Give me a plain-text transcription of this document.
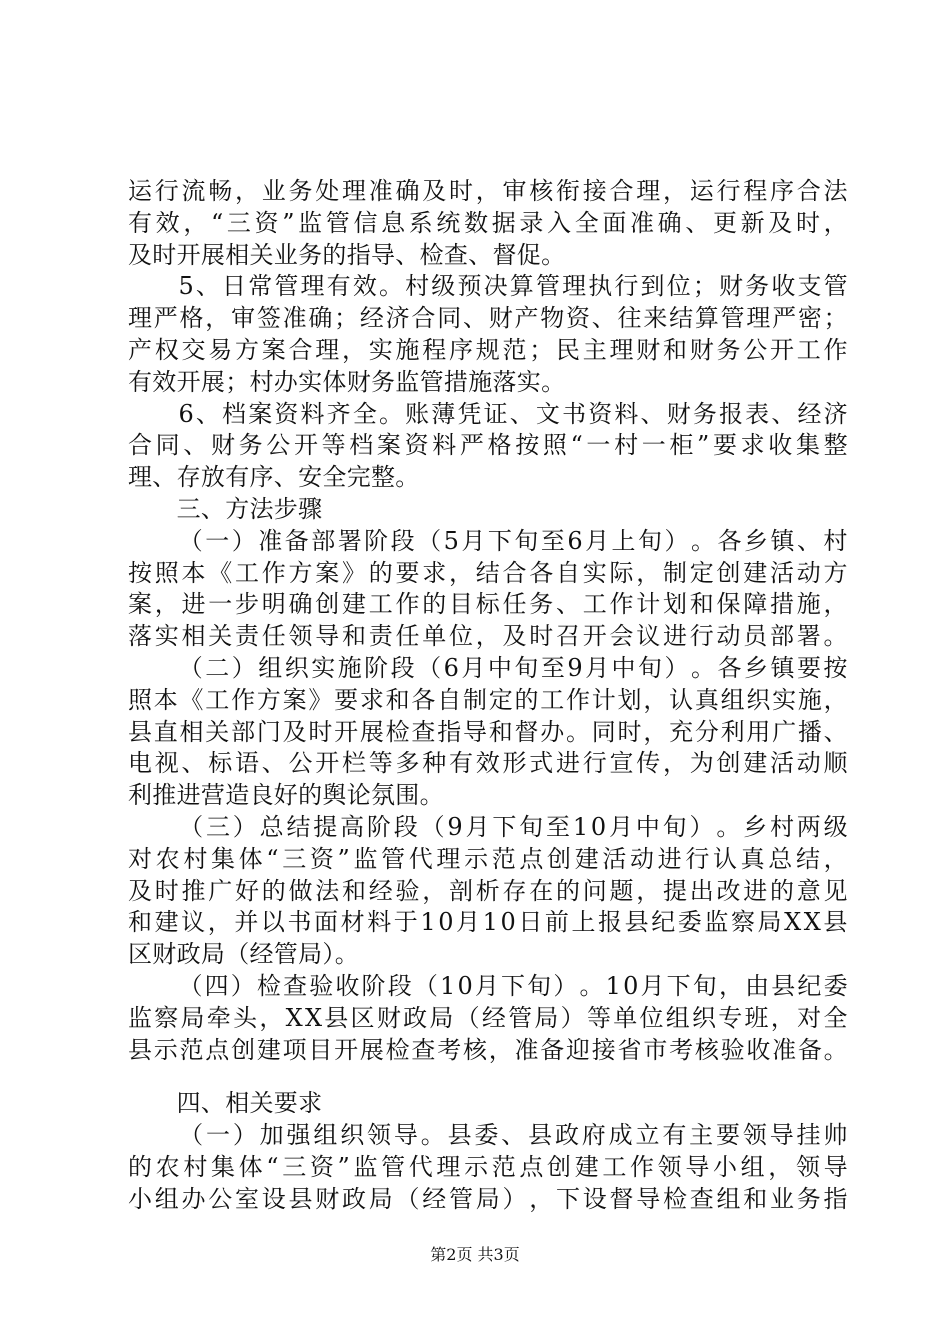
运 行 流 畅 ， 业 务 处 理 准 确 及 时 ， 审 核 衔 接 合 理 ， 运 行 程 序 合 法
有 效 ， “ 三 资 ” 监 管 信 息 系 统 数 据 录 入 全 面 准 确 、 更 新 及 时 ，
及时开展相关业务的指导、检查、督促。

5 、 日 常 管 理 有 效 。 村 级 预 决 算 管 理 执 行 到 位 ； 财 务 收 支 管
理 严 格 ， 审 签 准 确 ； 经 济 合 同 、 财 产 物 资 、 往 来 结 算 管 理 严 密 ；
产 权 交 易 方 案 合 理 ， 实 施 程 序 规 范 ； 民 主 理 财 和 财 务 公 开 工 作
有效开展；村办实体财务监管措施落实。

6 、 档 案 资 料 齐 全 。 账 薄 凭 证 、 文 书 资 料 、 财 务 报 表 、 经 济
合 同 、 财 务 公 开 等 档 案 资 料 严 格 按 照 “ 一 村 一 柜 ” 要 求 收 集 整
理、存放有序、安全完整。
　　三、方法步骤

（ 一 ） 准 备 部 署 阶 段 （ 5 月 下 旬 至 6 月 上 旬 ） 。 各 乡 镇 、 村
按 照 本 《 工 作 方 案 》 的 要 求 ， 结 合 各 自 实 际 ， 制 定 创 建 活 动 方
案 ， 进 一 步 明 确 创 建 工 作 的 目 标 任 务 、 工 作 计 划 和 保 障 措 施 ，
落 实 相 关 责 任 领 导 和 责 任 单 位 ， 及 时 召 开 会 议 进 行 动 员 部 署 。

（ 二 ） 组 织 实 施 阶 段 （ 6 月 中 旬 至 9 月 中 旬 ） 。 各 乡 镇 要 按
照 本 《 工 作 方 案 》 要 求 和 各 自 制 定 的 工 作 计 划 ， 认 真 组 织 实 施 ，
县 直 相 关 部 门 及 时 开 展 检 查 指 导 和 督 办 。 同 时 ， 充 分 利 用 广 播 、
电 视 、 标 语 、 公 开 栏 等 多 种 有 效 形 式 进 行 宣 传 ， 为 创 建 活 动 顺
利推进营造良好的舆论氛围。

（ 三 ） 总 结 提 高 阶 段 （ 9 月 下 旬 至 1 0 月 中 旬 ） 。 乡 村 两 级
对 农 村 集 体 “ 三 资 ” 监 管 代 理 示 范 点 创 建 活 动 进 行 认 真 总 结 ，
及 时 推 广 好 的 做 法 和 经 验 ， 剖 析 存 在 的 问 题 ， 提 出 改 进 的 意 见
和 建 议 ， 并 以 书 面 材 料 于 1 0 月 1 0 日 前 上 报 县 纪 委 监 察 局 X X 县
区财政局（经管局）。

（ 四 ） 检 查 验 收 阶 段 （ 1 0 月 下 旬 ） 。 1 0 月 下 旬 ， 由 县 纪 委
监 察 局 牵 头 ， X X 县 区 财 政 局 （ 经 管 局 ） 等 单 位 组 织 专 班 ， 对 全
县 示 范 点 创 建 项 目 开 展 检 查 考 核 ， 准 备 迎 接 省 市 考 核 验 收 准 备 。
　　四、相关要求

（ 一 ） 加 强 组 织 领 导 。 县 委 、 县 政 府 成 立 有 主 要 领 导 挂 帅
的 农 村 集 体 “ 三 资 ” 监 管 代 理 示 范 点 创 建 工 作 领 导 小 组 ， 领 导
小 组 办 公 室 设 县 财 政 局 （ 经 管 局 ） ， 下 设 督 导 检 查 组 和 业 务 指
第2页 共3页
